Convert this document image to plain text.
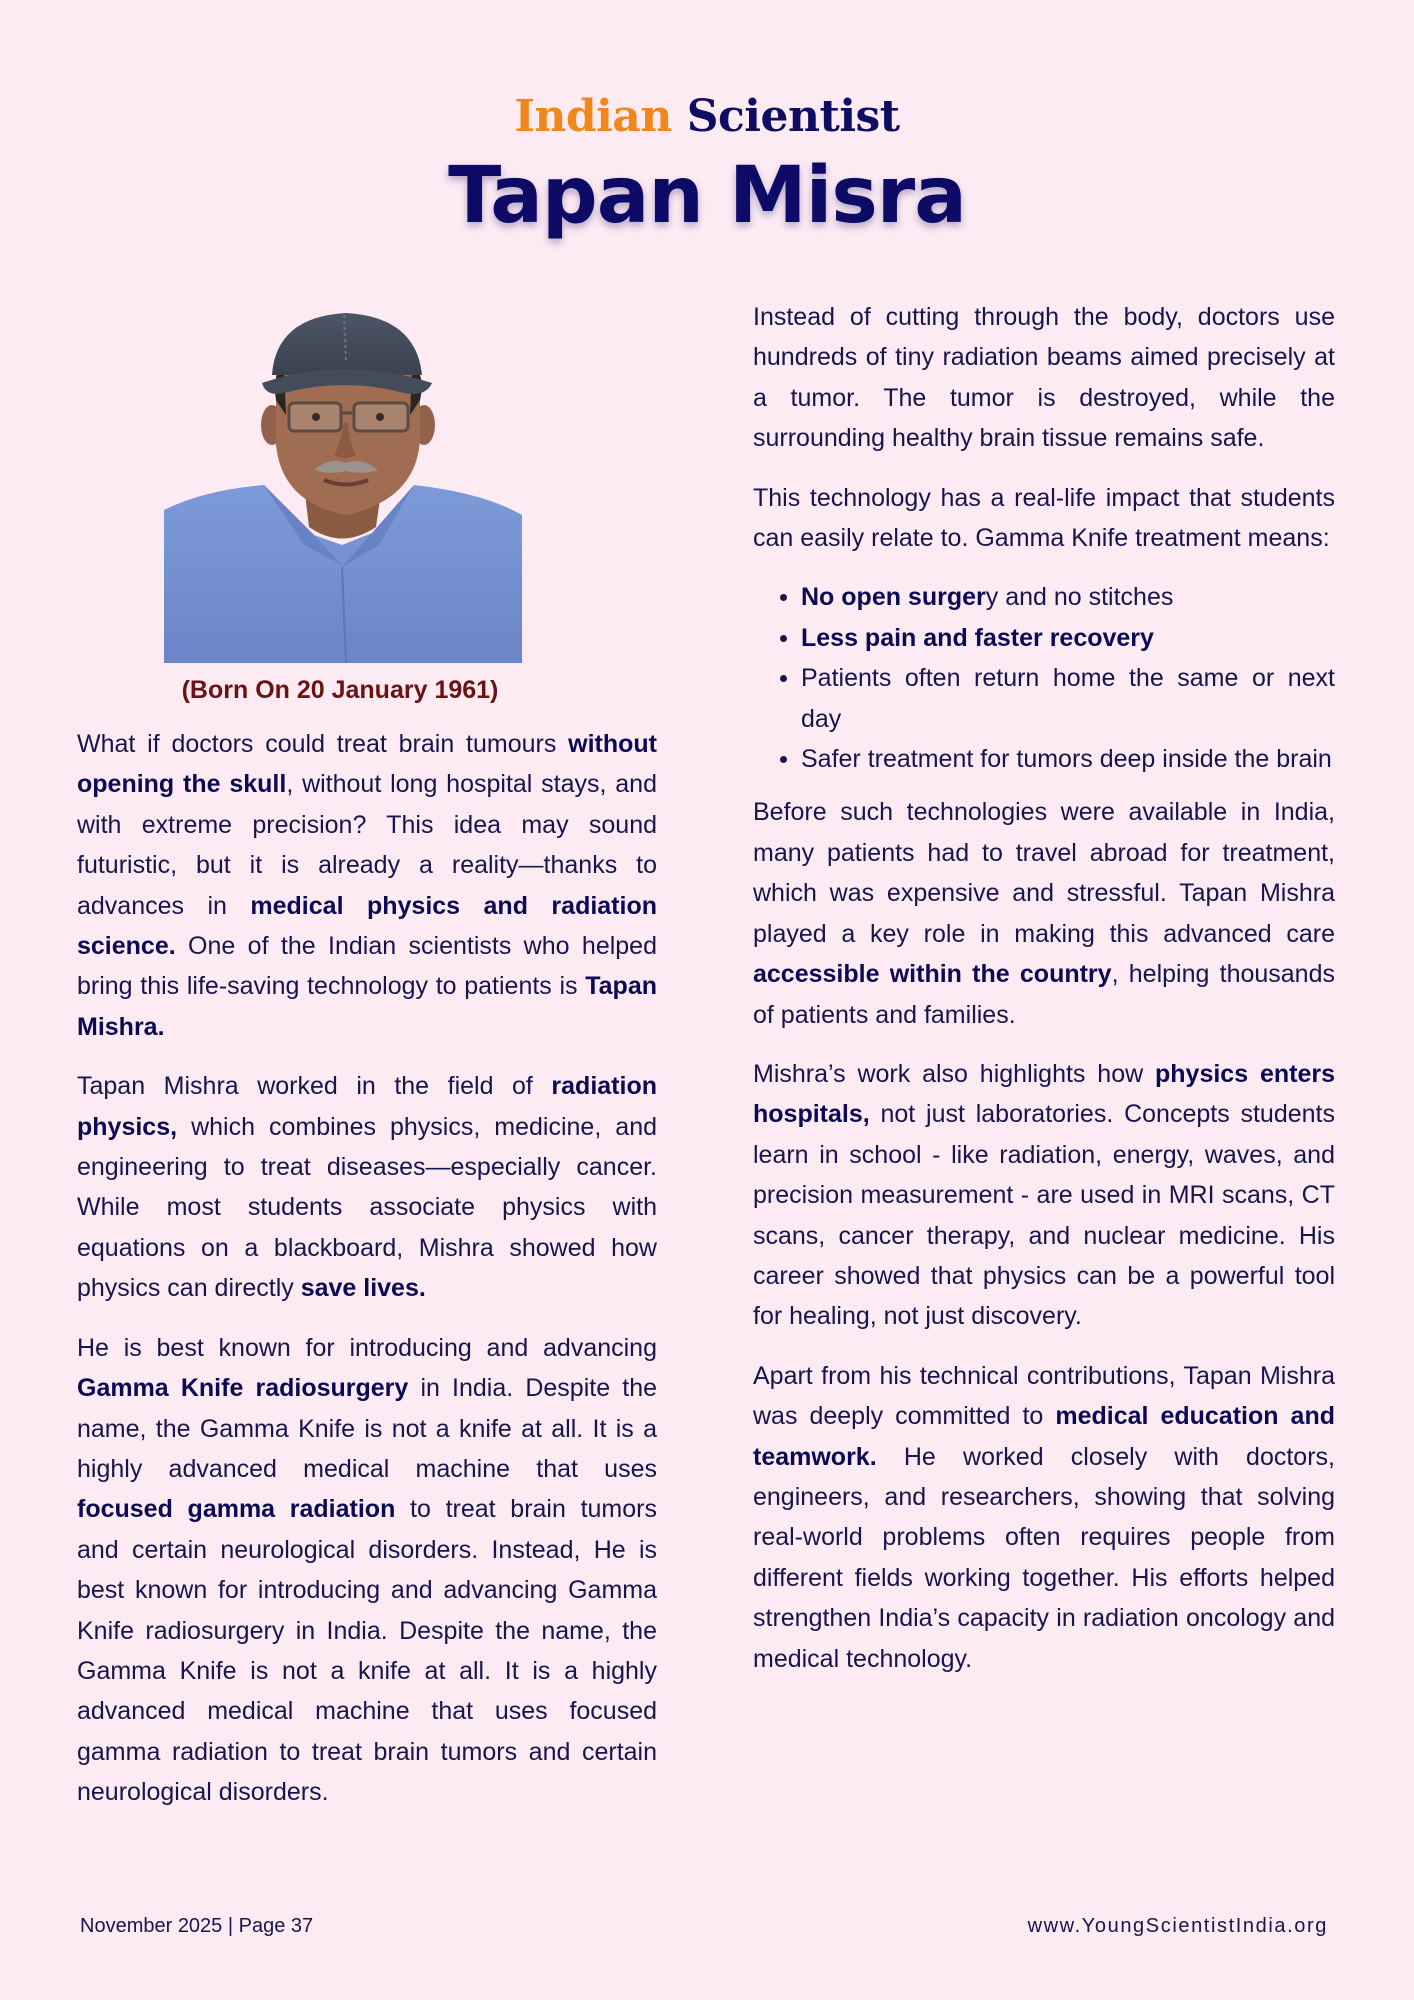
Indian Scientist
Tapan Misra
(Born On 20 January 1961)

What if doctors could treat brain tumours without opening the skull, without long hospital stays, and with extreme precision? This idea may sound futuristic, but it is already a reality—thanks to advances in medical physics and radiation science. One of the Indian scientists who helped bring this life-saving technology to patients is Tapan Mishra.

Tapan Mishra worked in the field of radiation physics, which combines physics, medicine, and engineering to treat diseases—especially cancer. While most students associate physics with equations on a blackboard, Mishra showed how physics can directly save lives.

He is best known for introducing and advancing Gamma Knife radiosurgery in India. Despite the name, the Gamma Knife is not a knife at all. It is a highly advanced medical machine that uses focused gamma radiation to treat brain tumors and certain neurological disorders. Instead, He is best known for introducing and advancing Gamma Knife radiosurgery in India. Despite the name, the Gamma Knife is not a knife at all. It is a highly advanced medical machine that uses focused gamma radiation to treat brain tumors and certain neurological disorders.

Instead of cutting through the body, doctors use hundreds of tiny radiation beams aimed precisely at a tumor. The tumor is destroyed, while the surrounding healthy brain tissue remains safe.

This technology has a real-life impact that students can easily relate to. Gamma Knife treatment means:

No open surgery and no stitches
Less pain and faster recovery
Patients often return home the same or next day
Safer treatment for tumors deep inside the brain

Before such technologies were available in India, many patients had to travel abroad for treatment, which was expensive and stressful. Tapan Mishra played a key role in making this advanced care accessible within the country, helping thousands of patients and families.

Mishra’s work also highlights how physics enters hospitals, not just laboratories. Concepts students learn in school - like radiation, energy, waves, and precision measurement - are used in MRI scans, CT scans, cancer therapy, and nuclear medicine. His career showed that physics can be a powerful tool for healing, not just discovery.

Apart from his technical contributions, Tapan Mishra was deeply committed to medical education and teamwork. He worked closely with doctors, engineers, and researchers, showing that solving real-world problems often requires people from different fields working together. His efforts helped strengthen India’s capacity in radiation oncology and medical technology.

November 2025 | Page 37	www.YoungScientistIndia.org
